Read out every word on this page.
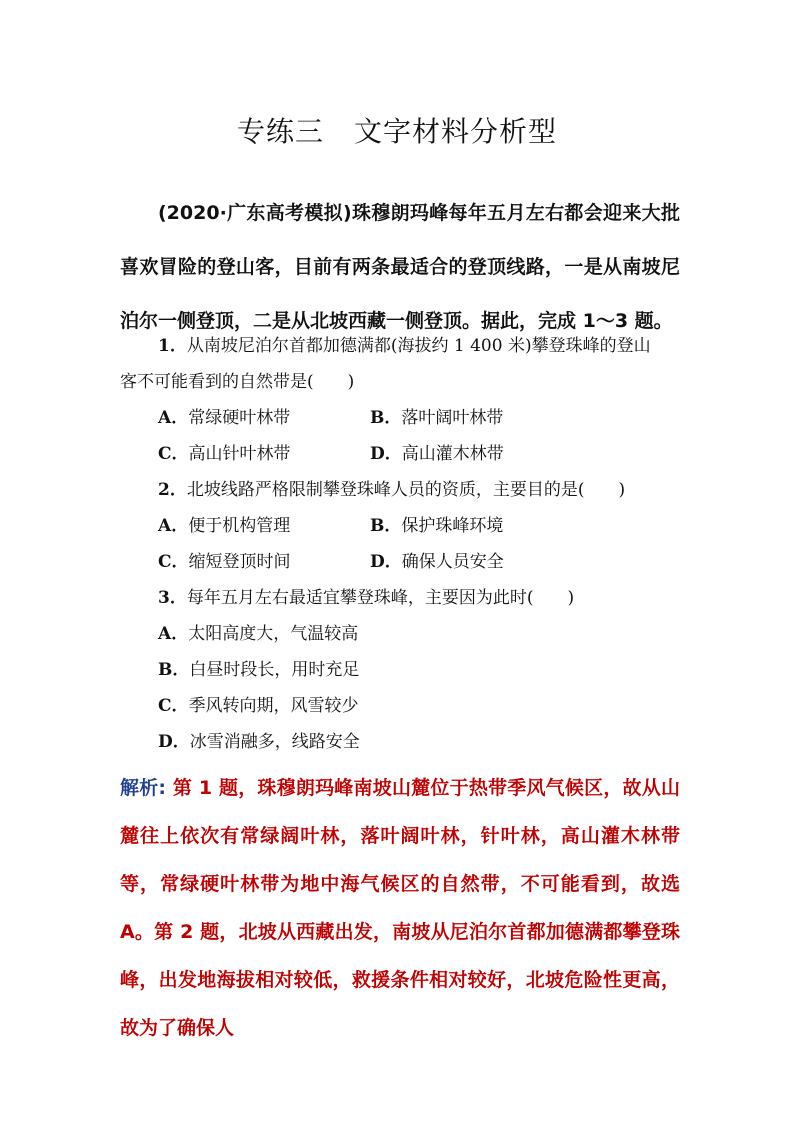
专练三 文字材料分析型
(2020·广东高考模拟)珠穆朗玛峰每年五月左右都会迎来大批喜欢冒险的登山客，目前有两条最适合的登顶线路，一是从南坡尼泊尔一侧登顶，二是从北坡西藏一侧登顶。据此，完成 1～3 题。
1．从南坡尼泊尔首都加德满都(海拔约 1 400 米)攀登珠峰的登山
客不可能看到的自然带是(　　)
A．常绿硬叶林带	B．落叶阔叶林带
C．高山针叶林带	D．高山灌木林带
2．北坡线路严格限制攀登珠峰人员的资质，主要目的是(　　)
A．便于机构管理	B．保护珠峰环境
C．缩短登顶时间	D．确保人员安全
3．每年五月左右最适宜攀登珠峰，主要因为此时(　　)
A．太阳高度大，气温较高
B．白昼时段长，用时充足
C．季风转向期，风雪较少
D．冰雪消融多，线路安全
解析: 第 1 题，珠穆朗玛峰南坡山麓位于热带季风气候区，故从山麓往上依次有常绿阔叶林，落叶阔叶林，针叶林，高山灌木林带等，常绿硬叶林带为地中海气候区的自然带，不可能看到，故选 A。第 2 题，北坡从西藏出发，南坡从尼泊尔首都加德满都攀登珠峰，出发地海拔相对较低，救援条件相对较好，北坡危险性更高，故为了确保人
